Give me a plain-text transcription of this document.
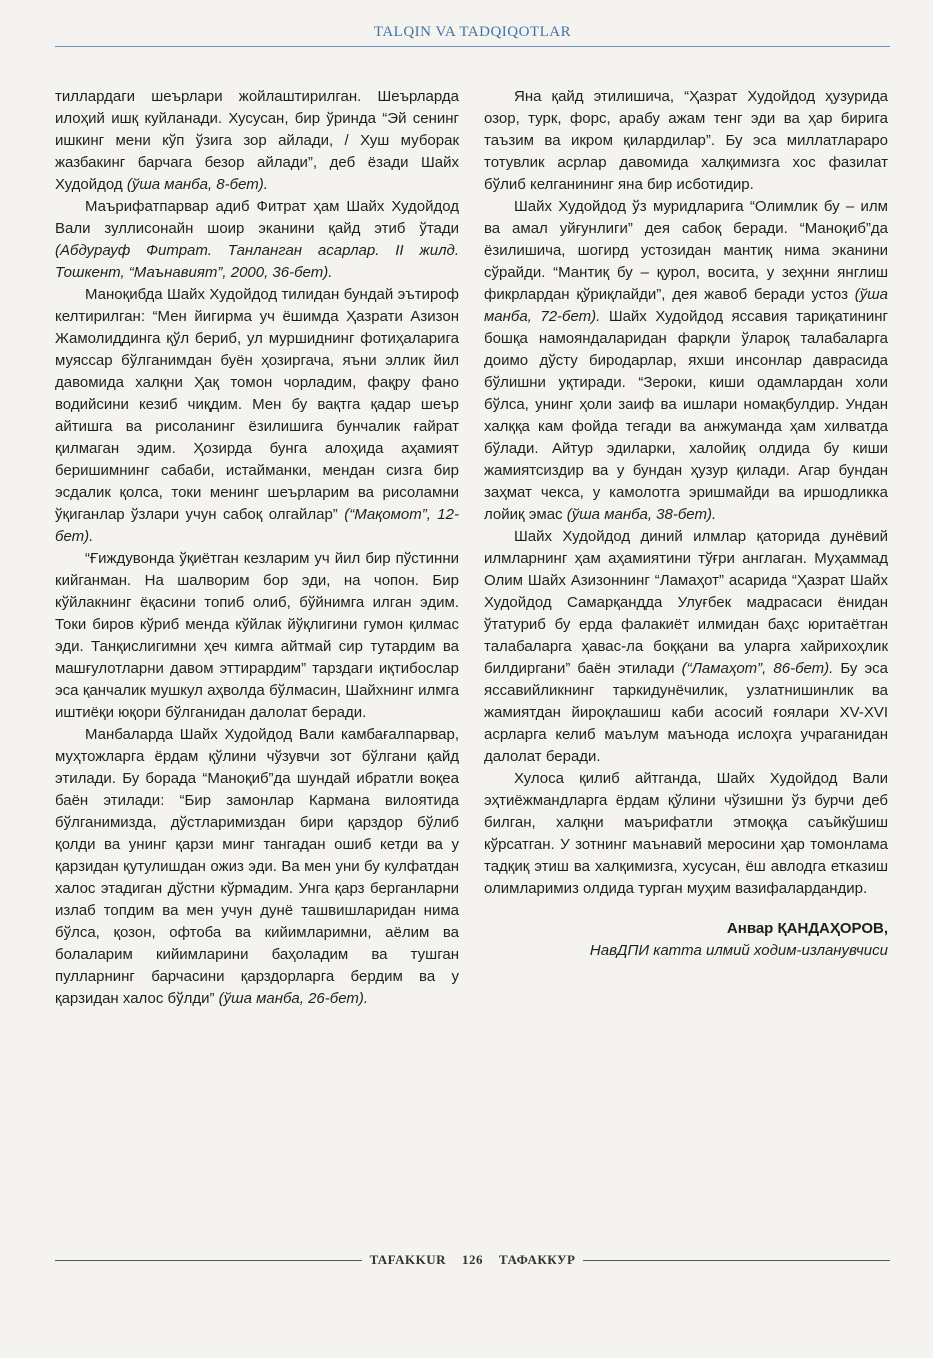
TALQIN VA TADQIQOTLAR

тиллардаги шеърлари жойлаштирилган. Шеърларда илоҳий ишқ куйланади. Хусусан, бир ўринда “Эй сенинг ишкинг мени кўп ўзига зор айлади, / Хуш муборак жазбакинг барчага безор айлади”, деб ёзади Шайх Худойдод (ўша манба, 8-бет).

Маърифатпарвар адиб Фитрат ҳам Шайх Худойдод Вали зуллисонайн шоир эканини қайд этиб ўтади (Абдурауф Фитрат. Танланган асарлар. II жилд. Тошкент, “Маънавият”, 2000, 36-бет).

Маноқибда Шайх Худойдод тилидан бундай эътироф келтирилган: “Мен йигирма уч ёшимда Ҳазрати Азизон Жамолиддинга қўл бериб, ул муршиднинг фотиҳаларига муяссар бўлганимдан буён ҳозиргача, яъни эллик йил давомида халқни Ҳақ томон чорладим, фақру фано водийсини кезиб чиқдим. Мен бу вақтга қадар шеър айтишга ва рисоланинг ёзилишига бунчалик ғайрат қилмаган эдим. Ҳозирда бунга алоҳида аҳамият беришимнинг сабаби, истайманки, мендан сизга бир эсдалик қолса, токи менинг шеърларим ва рисоламни ўқиганлар ўзлари учун сабоқ олгайлар” (“Мақомот”, 12-бет).

“Ғиждувонда ўқиётган кезларим уч йил бир пўстинни кийганман. На шалворим бор эди, на чопон. Бир кўйлакнинг ёқасини топиб олиб, бўйнимга илган эдим. Токи биров кўриб менда кўйлак йўқлигини гумон қилмас эди. Танқислигимни ҳеч кимга айтмай сир тутардим ва машғулотларни давом эттирардим” тарздаги иқтибослар эса қанчалик мушкул аҳволда бўлмасин, Шайхнинг илмга иштиёқи юқори бўлганидан далолат беради.

Манбаларда Шайх Худойдод Вали камбағалпарвар, муҳтожларга ёрдам қўлини чўзувчи зот бўлгани қайд этилади. Бу борада “Маноқиб”да шундай ибратли воқеа баён этилади: “Бир замонлар Кармана вилоятида бўлганимизда, дўстларимиздан бири қарздор бўлиб қолди ва унинг қарзи минг тангадан ошиб кетди ва у қарзидан қутулишдан ожиз эди. Ва мен уни бу кулфатдан халос этадиган дўстни кўрмадим. Унга қарз берганларни излаб топдим ва мен учун дунё ташвишларидан нима бўлса, қозон, офтоба ва кийимларимни, аёлим ва болаларим кийимларини баҳоладим ва тушган пулларнинг барчасини қарздорларга бердим ва у қарзидан халос бўлди” (ўша манба, 26-бет).

Яна қайд этилишича, “Ҳазрат Худойдод ҳузурида озор, турк, форс, арабу ажам тенг эди ва ҳар бирига таъзим ва икром қилардилар”. Бу эса миллатлараро тотувлик асрлар давомида халқимизга хос фазилат бўлиб келганининг яна бир исботидир.

Шайх Худойдод ўз муридларига “Олимлик бу – илм ва амал уйғунлиги” дея сабоқ беради. “Маноқиб”да ёзилишича, шогирд устозидан мантиқ нима эканини сўрайди. “Мантиқ бу – қурол, восита, у зеҳнни янглиш фикрлардан қўриқлайди”, дея жавоб беради устоз (ўша манба, 72-бет). Шайх Худойдод яссавия тариқатининг бошқа намояндаларидан фарқли ўлароқ талабаларга доимо дўсту биродарлар, яхши инсонлар даврасида бўлишни уқтиради. “Зероки, киши одамлардан холи бўлса, унинг ҳоли заиф ва ишлари номақбулдир. Ундан халққа кам фойда тегади ва анжуманда ҳам хилватда бўлади. Айтур эдиларки, халойиқ олдида бу киши жамиятсиздир ва у бундан ҳузур қилади. Агар бундан заҳмат чекса, у камолотга эришмайди ва иршодликка лойиқ эмас (ўша манба, 38-бет).

Шайх Худойдод диний илмлар қаторида дунёвий илмларнинг ҳам аҳамиятини тўғри англаган. Муҳаммад Олим Шайх Азизоннинг “Ламаҳот” асарида “Ҳазрат Шайх Худойдод Самарқандда Улуғбек мадрасаси ёнидан ўтатуриб бу ерда фалакиёт илмидан баҳс юритаётган талабаларга ҳавас-ла боққани ва уларга хайрихоҳлик билдиргани” баён этилади (“Ламаҳот”, 86-бет). Бу эса яссавийликнинг таркидунёчилик, узлатнишинлик ва жамиятдан йироқлашиш каби асосий ғоялари XV-XVI асрларга келиб маълум маънода ислоҳга учраганидан далолат беради.

Хулоса қилиб айтганда, Шайх Худойдод Вали эҳтиёжмандларга ёрдам қўлини чўзишни ўз бурчи деб билган, халқни маърифатли этмоққа саъйкўшиш кўрсатган. У зотнинг маънавий меросини ҳар томонлама тадқиқ этиш ва халқимизга, хусусан, ёш авлодга етказиш олимларимиз олдида турган муҳим вазифалардандир.

Анвар ҚАНДАҲОРОВ,
НавДПИ катта илмий ходим-изланувчиси
TAFAKKUR	126	ТАФАККУР
